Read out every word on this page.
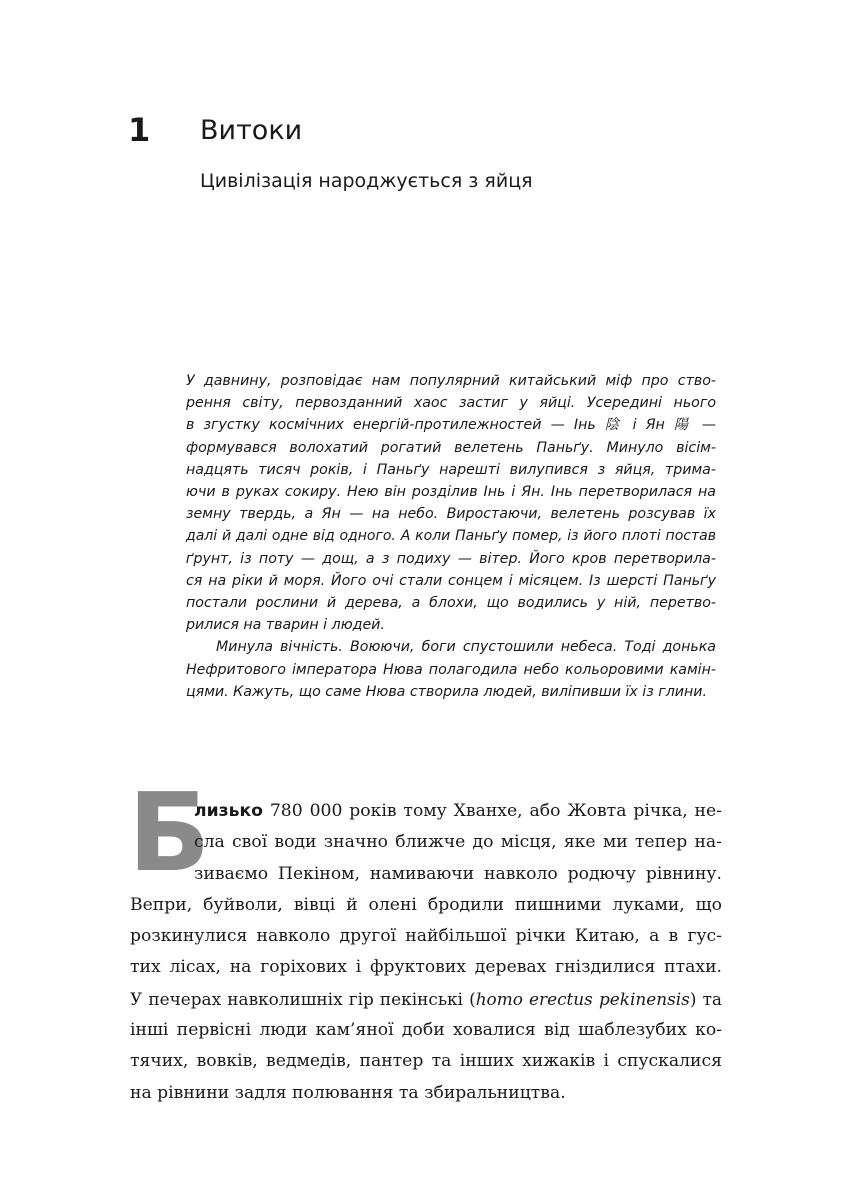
1 Витоки
Цивілізація народжується з яйця
У давнину, розповідає нам популярний китайський міф про ство-
рення світу, первозданний хаос застиг у яйці. Усередині нього
в згустку космічних енергій-протилежностей — Інь 陰 і Ян 陽 —
формувався волохатий рогатий велетень Паньґу. Минуло вісім-
надцять тисяч років, і Паньґу нарешті вилупився з яйця, трима-
ючи в руках сокиру. Нею він розділив Інь і Ян. Інь перетворилася на
земну твердь, а Ян — на небо. Виростаючи, велетень розсував їх
далі й далі одне від одного. А коли Паньґу помер, із його плоті постав
ґрунт, із поту — дощ, а з подиху — вітер. Його кров перетворила-
ся на ріки й моря. Його очі стали сонцем і місяцем. Із шерсті Паньґу
постали рослини й дерева, а блохи, що водились у ній, перетво-
рилися на тварин і людей.
Минула вічність. Воюючи, боги спустошили небеса. Тоді донька
Нефритового імператора Нюва полагодила небо кольоровими камін-
цями. Кажуть, що саме Нюва створила людей, виліпивши їх із глини.
Б
лизько 780 000 років тому Хванхе, або Жовта річка, не-
сла свої води значно ближче до місця, яке ми тепер на-
зиваємо Пекіном, намиваючи навколо родючу рівнину.
Вепри, буйволи, вівці й олені бродили пишними луками, що
розкинулися навколо другої найбільшої річки Китаю, а в гус-
тих лісах, на горіхових і фруктових деревах гніздилися птахи.
У печерах навколишніх гір пекінські (homo erectus pekinensis) та
інші первісні люди кам’яної доби ховалися від шаблезубих ко-
тячих, вовків, ведмедів, пантер та інших хижаків і спускалися
на рівнини задля полювання та збиральництва.
